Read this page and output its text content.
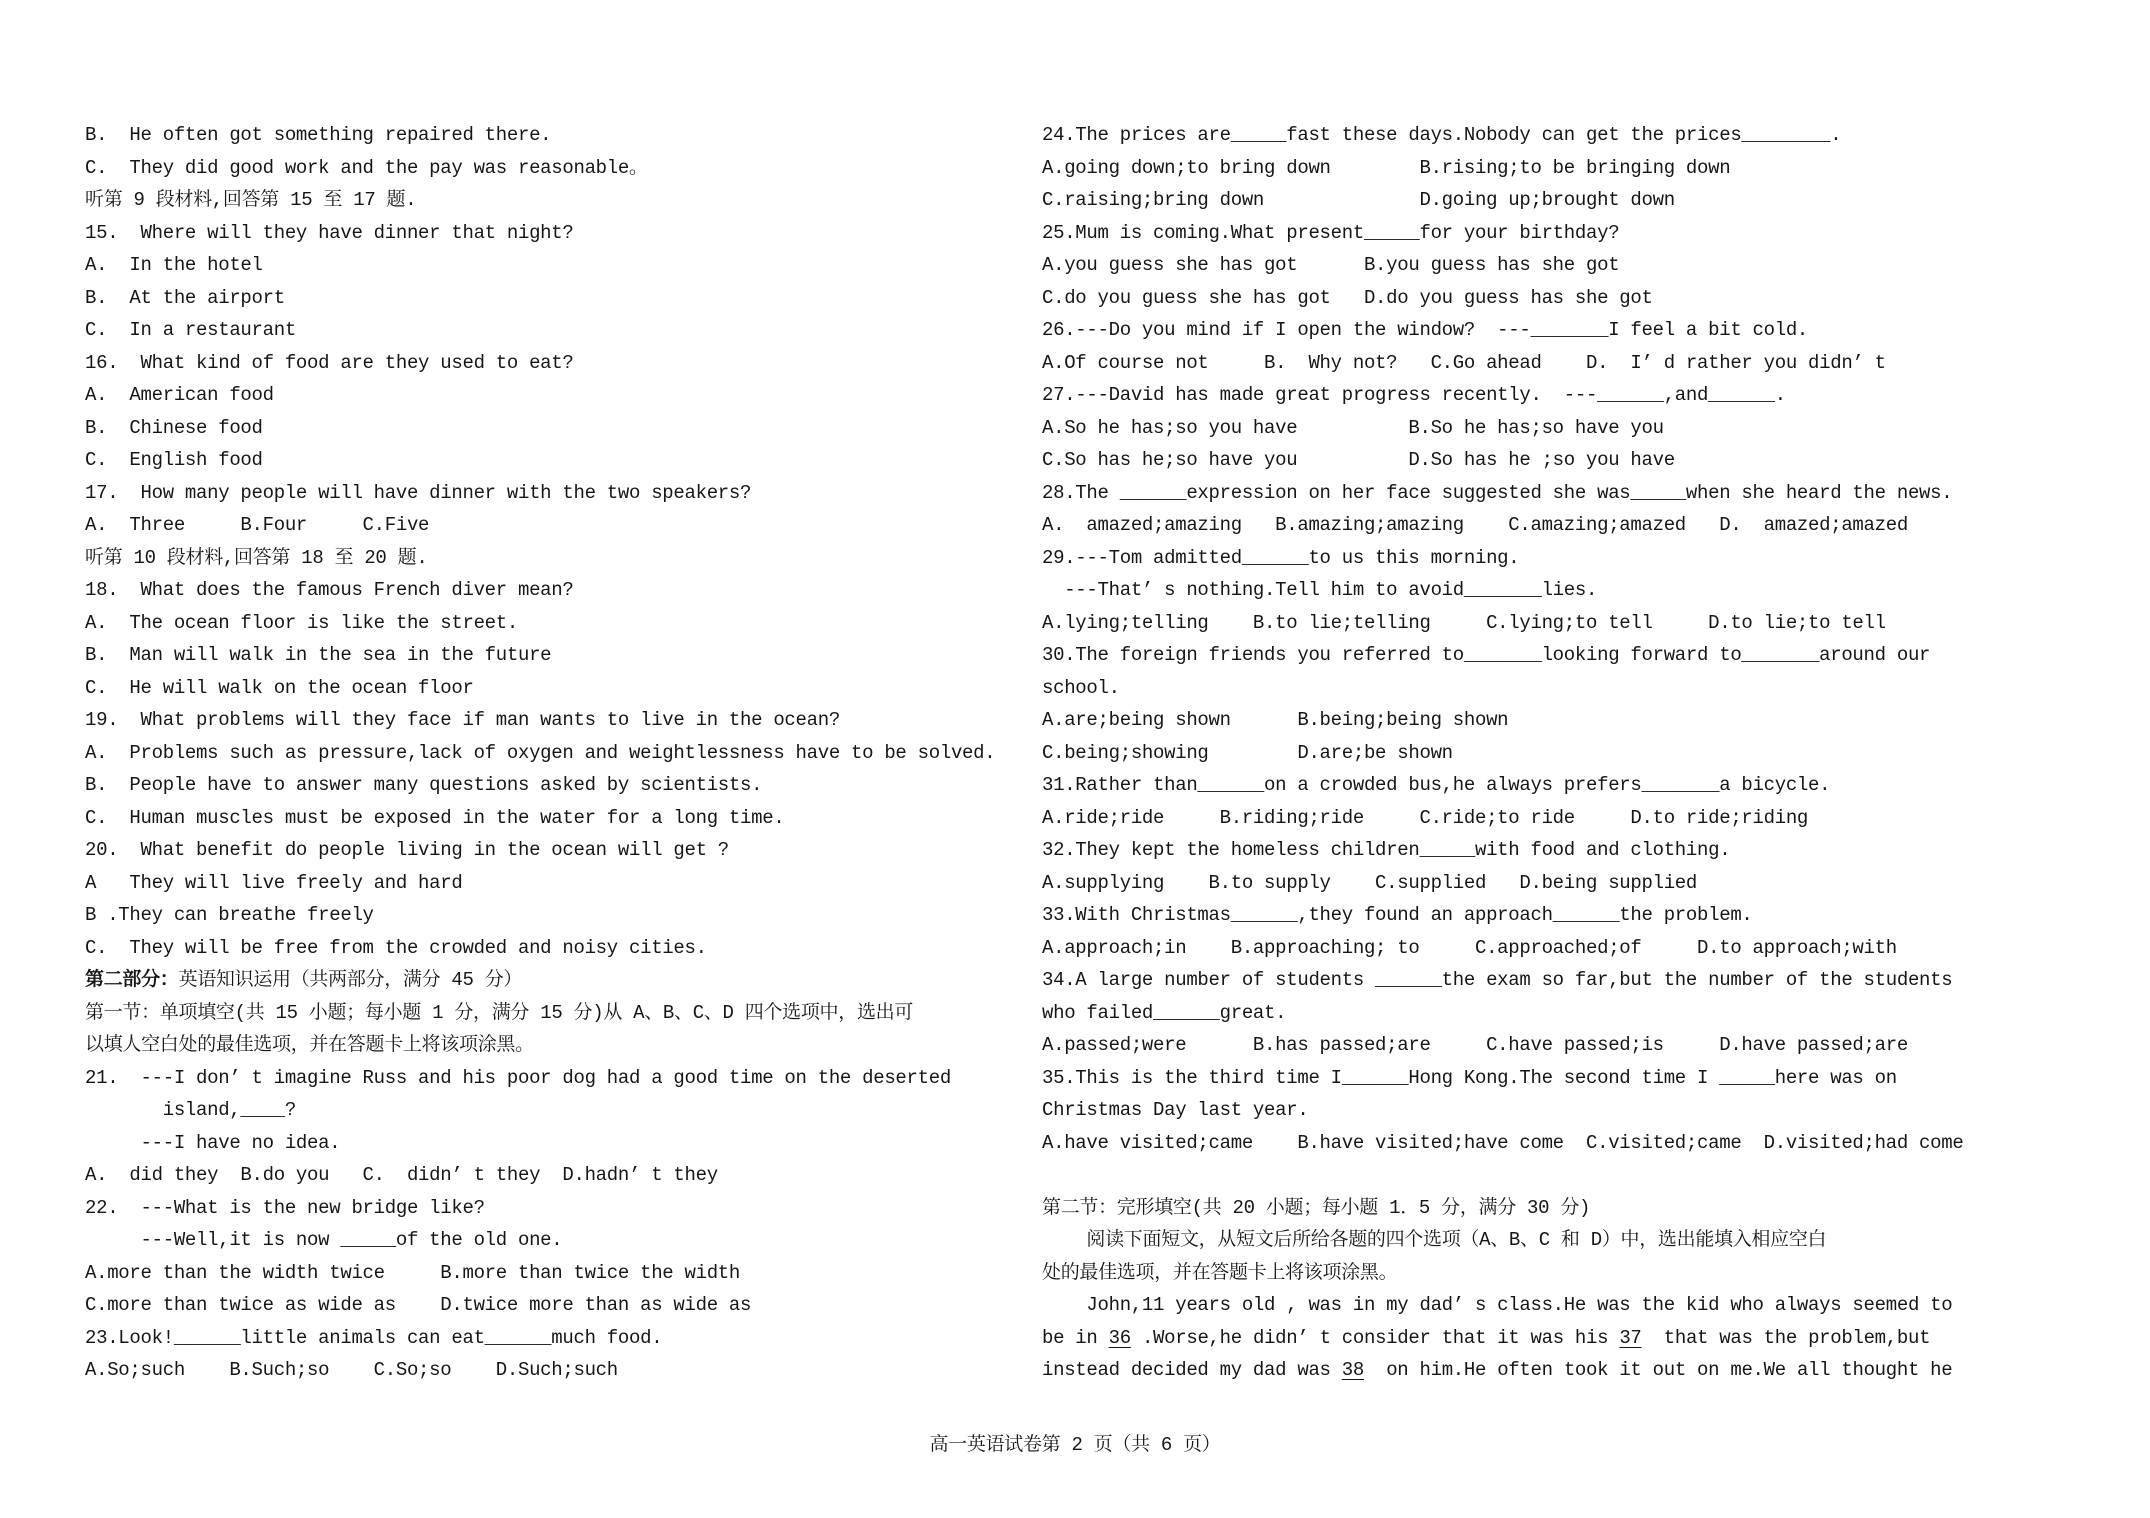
B.  He often got something repaired there.
C.  They did good work and the pay was reasonable。
听第 9 段材料,回答第 15 至 17 题.
15.  Where will they have dinner that night?
A.  In the hotel
B.  At the airport
C.  In a restaurant
16.  What kind of food are they used to eat?
A.  American food
B.  Chinese food
C.  English food
17.  How many people will have dinner with the two speakers?
A.  Three     B.Four     C.Five
听第 10 段材料,回答第 18 至 20 题.
18.  What does the famous French diver mean?
A.  The ocean floor is like the street.
B.  Man will walk in the sea in the future
C.  He will walk on the ocean floor
19.  What problems will they face if man wants to live in the ocean?
A.  Problems such as pressure,lack of oxygen and weightlessness have to be solved.
B.  People have to answer many questions asked by scientists.
C.  Human muscles must be exposed in the water for a long time.
20.  What benefit do people living in the ocean will get ?
A   They will live freely and hard
B .They can breathe freely
C.  They will be free from the crowded and noisy cities.
第二部分：英语知识运用（共两部分，满分 45 分）
第一节：单项填空(共 15 小题；每小题 1 分，满分 15 分)从 A、B、C、D 四个选项中，选出可
以填人空白处的最佳选项，并在答题卡上将该项涂黑。
21.  ---I don’ t imagine Russ and his poor dog had a good time on the deserted
island,____?
---I have no idea.
A.  did they  B.do you   C.  didn’ t they  D.hadn’ t they
22.  ---What is the new bridge like?
---Well,it is now _____of the old one.
A.more than the width twice     B.more than twice the width
C.more than twice as wide as    D.twice more than as wide as
23.Look!______little animals can eat______much food.
A.So;such    B.Such;so    C.So;so    D.Such;such
24.The prices are_____fast these days.Nobody can get the prices________.
A.going down;to bring down        B.rising;to be bringing down
C.raising;bring down              D.going up;brought down
25.Mum is coming.What present_____for your birthday?
A.you guess she has got      B.you guess has she got
C.do you guess she has got   D.do you guess has she got
26.---Do you mind if I open the window?  ---_______I feel a bit cold.
A.Of course not     B.  Why not?   C.Go ahead    D.  I’ d rather you didn’ t
27.---David has made great progress recently.  ---______,and______.
A.So he has;so you have          B.So he has;so have you
C.So has he;so have you          D.So has he ;so you have
28.The ______expression on her face suggested she was_____when she heard the news.
A.  amazed;amazing   B.amazing;amazing    C.amazing;amazed   D.  amazed;amazed
29.---Tom admitted______to us this morning.
---That’ s nothing.Tell him to avoid_______lies.
A.lying;telling    B.to lie;telling     C.lying;to tell     D.to lie;to tell
30.The foreign friends you referred to_______looking forward to_______around our
school.
A.are;being shown      B.being;being shown
C.being;showing        D.are;be shown
31.Rather than______on a crowded bus,he always prefers_______a bicycle.
A.ride;ride     B.riding;ride     C.ride;to ride     D.to ride;riding
32.They kept the homeless children_____with food and clothing.
A.supplying    B.to supply    C.supplied   D.being supplied
33.With Christmas______,they found an approach______the problem.
A.approach;in    B.approaching; to     C.approached;of     D.to approach;with
34.A large number of students ______the exam so far,but the number of the students
who failed______great.
A.passed;were      B.has passed;are     C.have passed;is     D.have passed;are
35.This is the third time I______Hong Kong.The second time I _____here was on
Christmas Day last year.
A.have visited;came    B.have visited;have come  C.visited;came  D.visited;had come
第二节：完形填空(共 20 小题；每小题 1．5 分，满分 30 分)
阅读下面短文，从短文后所给各题的四个选项（A、B、C 和 D）中，选出能填入相应空白
处的最佳选项，并在答题卡上将该项涂黑。
John,11 years old , was in my dad’ s class.He was the kid who always seemed to
be in 36 .Worse,he didn’ t consider that it was his 37  that was the problem,but
instead decided my dad was 38  on him.He often took it out on me.We all thought he
高一英语试卷第 2 页（共 6 页）
